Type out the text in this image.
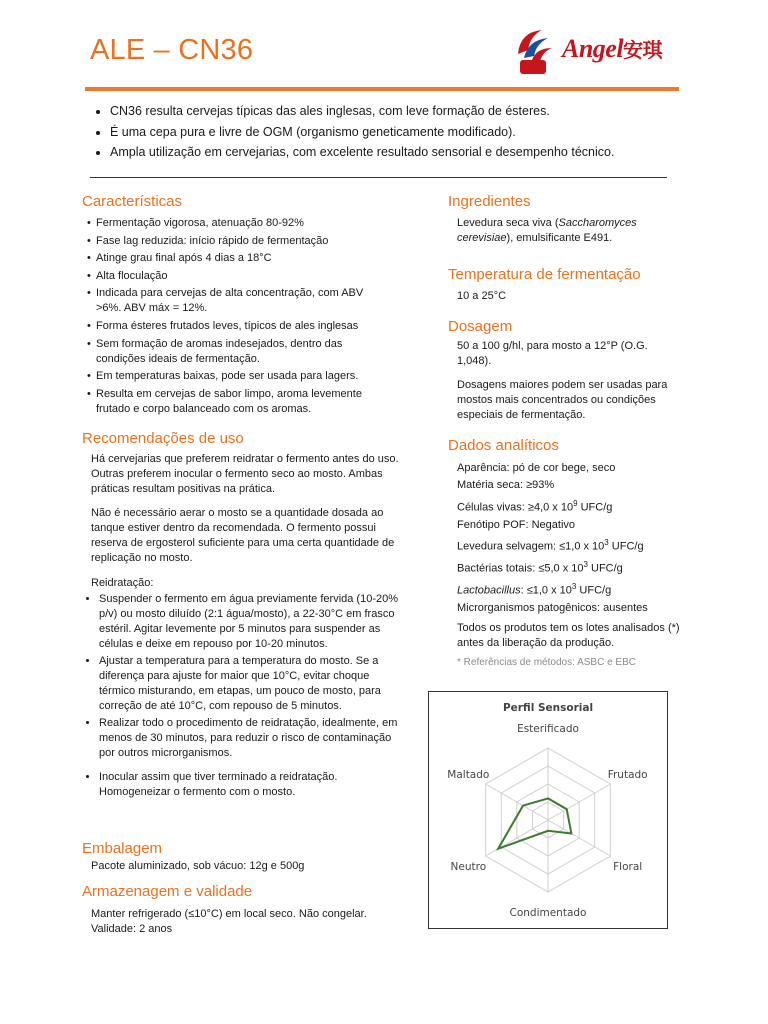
ALE – CN36	Angel安琪
• CN36 resulta cervejas típicas das ales inglesas, com leve formação de ésteres.
• É uma cepa pura e livre de OGM (organismo geneticamente modificado).
• Ampla utilização em cervejarias, com excelente resultado sensorial e desempenho técnico.
Características
• Fermentação vigorosa, atenuação 80-92%
• Fase lag reduzida: início rápido de fermentação
• Atinge grau final após 4 dias a 18°C
• Alta floculação
• Indicada para cervejas de alta concentração, com ABV >6%. ABV máx = 12%.
• Forma ésteres frutados leves, típicos de ales inglesas
• Sem formação de aromas indesejados, dentro das condições ideais de fermentação.
• Em temperaturas baixas, pode ser usada para lagers.
• Resulta em cervejas de sabor limpo, aroma levemente frutado e corpo balanceado com os aromas.
Recomendações de uso

Há cervejarias que preferem reidratar o fermento antes do uso. Outras preferem inocular o fermento seco ao mosto. Ambas práticas resultam positivas na prática.

Não é necessário aerar o mosto se a quantidade dosada ao tanque estiver dentro da recomendada. O fermento possui reserva de ergosterol suficiente para uma certa quantidade de replicação no mosto.

Reidratação:

• Suspender o fermento em água previamente fervida (10-20% p/v) ou mosto diluído (2:1 água/mosto), a 22-30°C em frasco estéril. Agitar levemente por 5 minutos para suspender as células e deixe em repouso por 10-20 minutos.
• Ajustar a temperatura para a temperatura do mosto. Se a diferença para ajuste for maior que 10°C, evitar choque térmico misturando, em etapas, um pouco de mosto, para correção de até 10°C, com repouso de 5 minutos.
• Realizar todo o procedimento de reidratação, idealmente, em menos de 30 minutos, para reduzir o risco de contaminação por outros microrganismos.
• Inocular assim que tiver terminado a reidratação. Homogeneizar o fermento com o mosto.
Embalagem

Pacote aluminizado, sob vácuo: 12g e 500g

Armazenagem e validade

Manter refrigerado (≤10°C) em local seco. Não congelar.

Validade: 2 anos

Ingredientes

Levedura seca viva (Saccharomyces cerevisiae), emulsificante E491.

Temperatura de fermentação

10 a 25°C

Dosagem

50 a 100 g/hl, para mosto a 12°P (O.G. 1,048).

Dosagens maiores podem ser usadas para mostos mais concentrados ou condições especiais de fermentação.

Dados analíticos

Aparência: pó de cor bege, seco

Matéria seca: ≥93%

Células vivas: ≥4,0 x $10^9$ UFC/g

Fenótipo POF: Negativo

Levedura selvagem: ≤1,0 x $10^3$ UFC/g

Bactérias totais: ≤5,0 x $10^3$ UFC/g

Lactobacillus: ≤1,0 x $10^3$ UFC/g

Microrganismos patogênicos: ausentes

Todos os produtos tem os lotes analisados (*) antes da liberação da produção.

* Referências de métodos: ASBC e EBC

Perfil Sensorial
Esterificado
Frutado
Floral
Condimentado
Neutro
Maltado
